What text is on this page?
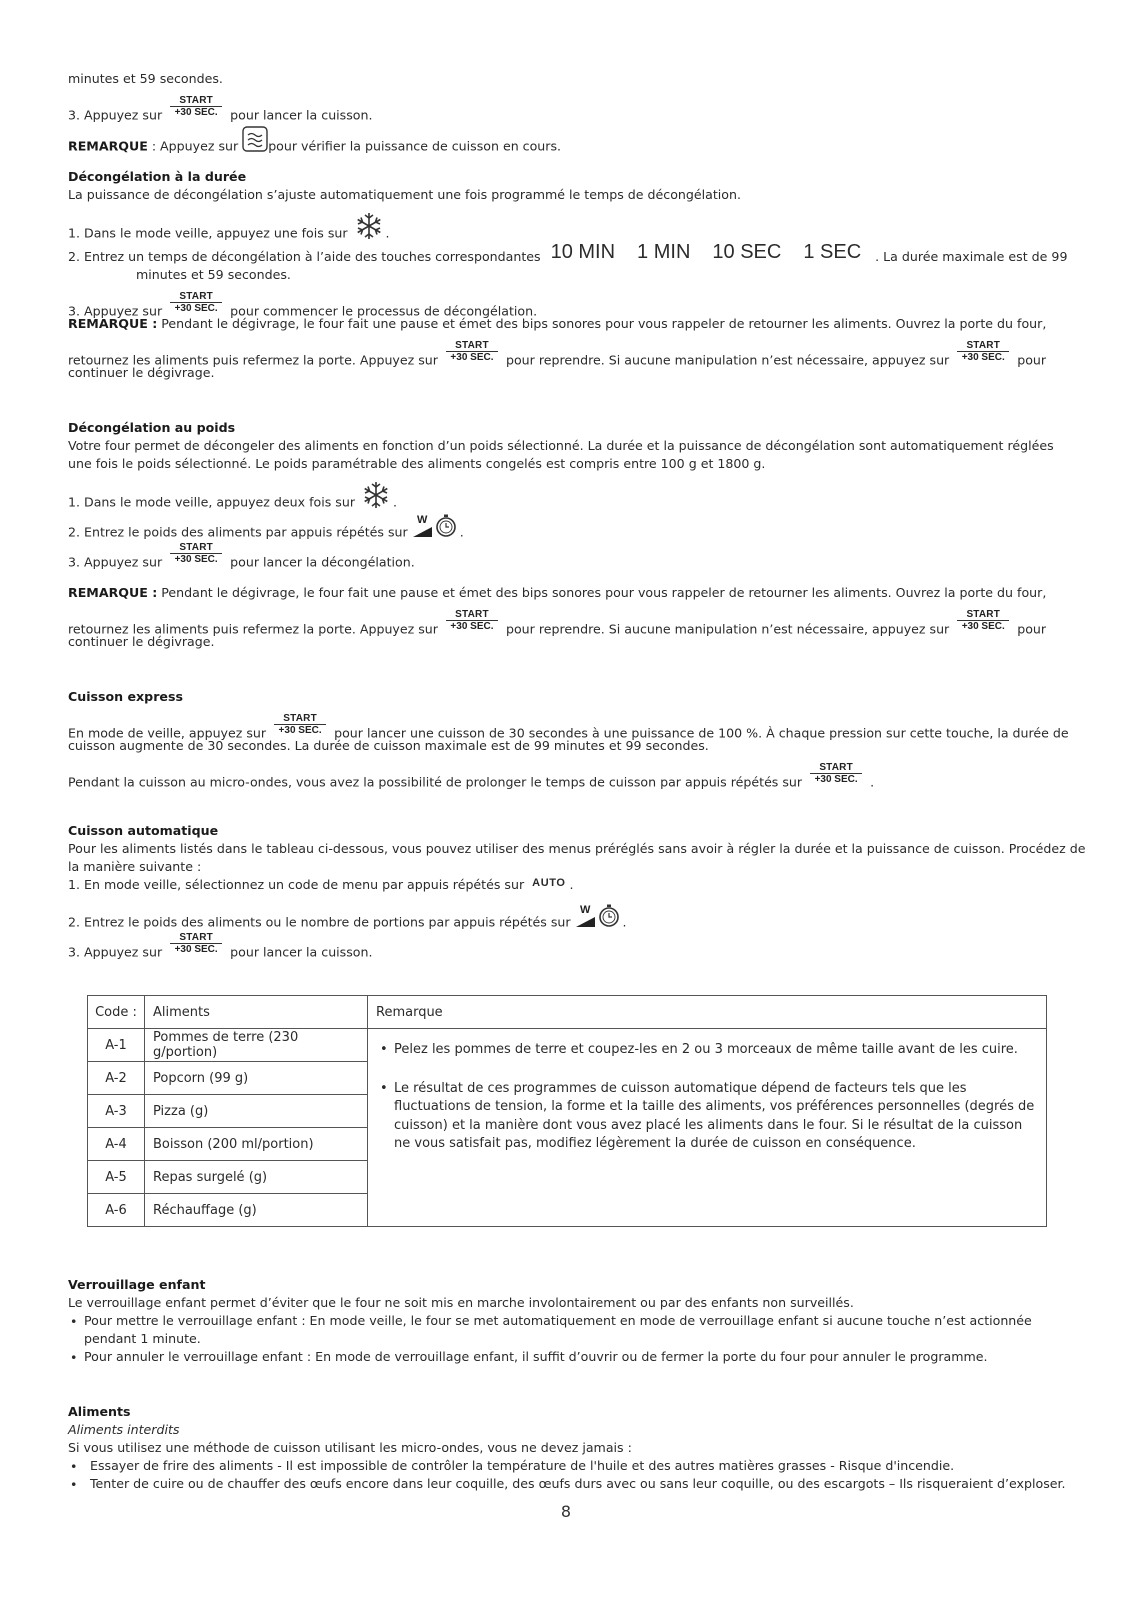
minutes et 59 secondes.
3. Appuyez sur
START
+30 SEC. pour lancer la cuisson.
REMARQUE : Appuyez sur pour vérifier la puissance de cuisson en cours.
Décongélation à la durée
La puissance de décongélation s’ajuste automatiquement une fois programmé le temps de décongélation.
1. Dans le mode veille, appuyez une fois sur	.
2. Entrez un temps de décongélation à l’aide des touches correspondantes 10 MIN 1 MIN 10 SEC 1 SEC . La durée maximale est de 99
minutes et 59 secondes.
3. Appuyez sur
START
+30 SEC. pour commencer le processus de décongélation.
REMARQUE : Pendant le dégivrage, le four fait une pause et émet des bips sonores pour vous rappeler de retourner les aliments. Ouvrez la porte du four,
retournez les aliments puis refermez la porte. Appuyez sur
START
+30 SEC. pour reprendre. Si aucune manipulation n’est nécessaire, appuyez sur
START
+30 SEC. pour
continuer le dégivrage.
Décongélation au poids
Votre four permet de décongeler des aliments en fonction d’un poids sélectionné. La durée et la puissance de décongélation sont automatiquement réglées
une fois le poids sélectionné. Le poids paramétrable des aliments congelés est compris entre 100 g et 1800 g.
1. Dans le mode veille, appuyez deux fois sur	.
2. Entrez le poids des aliments par appuis répétés sur
W
.
3. Appuyez sur
START
+30 SEC. pour lancer la décongélation.
REMARQUE : Pendant le dégivrage, le four fait une pause et émet des bips sonores pour vous rappeler de retourner les aliments. Ouvrez la porte du four,
retournez les aliments puis refermez la porte. Appuyez sur
START
+30 SEC. pour reprendre. Si aucune manipulation n’est nécessaire, appuyez sur
START
+30 SEC. pour
continuer le dégivrage.
Cuisson express
En mode de veille, appuyez sur
START
+30 SEC. pour lancer une cuisson de 30 secondes à une puissance de 100 %. À chaque pression sur cette touche, la durée de
cuisson augmente de 30 secondes. La durée de cuisson maximale est de 99 minutes et 99 secondes.
Pendant la cuisson au micro-ondes, vous avez la possibilité de prolonger le temps de cuisson par appuis répétés sur
START
+30 SEC. .
Cuisson automatique
Pour les aliments listés dans le tableau ci-dessous, vous pouvez utiliser des menus préréglés sans avoir à régler la durée et la puissance de cuisson. Procédez de
la manière suivante :
1. En mode veille, sélectionnez un code de menu par appuis répétés sur AUTO .
2. Entrez le poids des aliments ou le nombre de portions par appuis répétés sur
W
.
3. Appuyez sur
START
+30 SEC. pour lancer la cuisson.
Code :	Aliments	Remarque
A-1	Pommes de terre (230 g/portion)	• Pelez les pommes de terre et coupez-les en 2 ou 3 morceaux de même taille avant de les cuire.
• Le résultat de ces programmes de cuisson automatique dépend de facteurs tels que les fluctuations de tension, la forme et la taille des aliments, vos préférences personnelles (degrés de cuisson) et la manière dont vous avez placé les aliments dans le four. Si le résultat de la cuisson ne vous satisfait pas, modifiez légèrement la durée de cuisson en conséquence.

A-2	Popcorn (99 g)	
A-3	Pizza (g)	
A-4	Boisson (200 ml/portion)	
A-5	Repas surgelé (g)	
A-6	Réchauffage (g)	
Verrouillage enfant
Le verrouillage enfant permet d’éviter que le four ne soit mis en marche involontairement ou par des enfants non surveillés.
• Pour mettre le verrouillage enfant : En mode veille, le four se met automatiquement en mode de verrouillage enfant si aucune touche n’est actionnée
pendant 1 minute.
• Pour annuler le verrouillage enfant : En mode de verrouillage enfant, il suffit d’ouvrir ou de fermer la porte du four pour annuler le programme.
Aliments
Aliments interdits
Si vous utilisez une méthode de cuisson utilisant les micro-ondes, vous ne devez jamais :
• Essayer de frire des aliments - Il est impossible de contrôler la température de l'huile et des autres matières grasses - Risque d'incendie.
• Tenter de cuire ou de chauffer des œufs encore dans leur coquille, des œufs durs avec ou sans leur coquille, ou des escargots – Ils risqueraient d’exploser.
8
